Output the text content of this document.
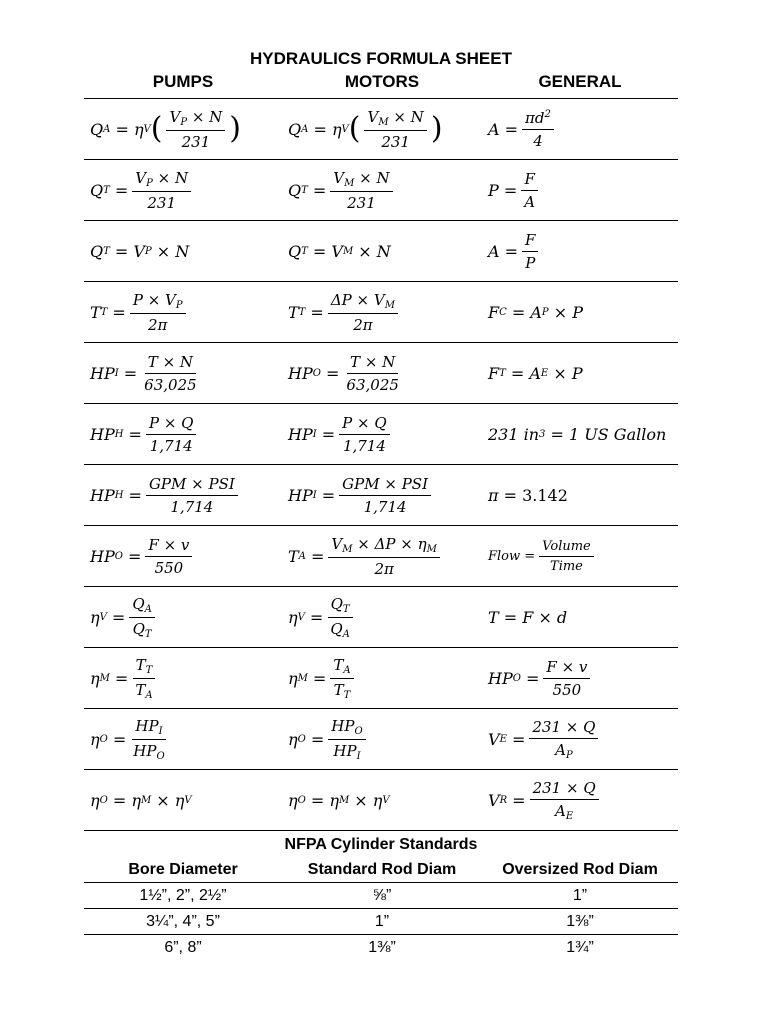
HYDRAULICS FORMULA SHEET
PUMPS	MOTORS	GENERAL
Q A = η V ( $\frac{V_P \times N}{231}$ )	Q A = η V ( $\frac{V_M \times N}{231}$ )	$A = \frac{\pi d^2}{4}$
Q $T = \frac{V_P \times N}{231}$	Q $T = \frac{V_M \times N}{231}$	$P = \frac{F}{A}$
Q T = V P × N	Q T = V M × N	$A = \frac{F}{P}$
T $T = \frac{P \times V_P}{2\pi}$	T $T = \frac{\Delta P \times V_M}{2\pi}$	F C = A P × P
HP $I = \frac{T \times N}{63,025}$	HP $O = \frac{T \times N}{63,025}$	F T = A E × P
HP $H = \frac{P \times Q}{1,714}$	HP $I = \frac{P \times Q}{1,714}$	231 in 3 = 1 US Gallon
HP $H = \frac{\text{GPM × PSI}}{1,714}$	HP $I = \frac{\text{GPM × PSI}}{1,714}$	π = 3.142
HP $O = \frac{F \times v}{550}$	T $A = \frac{V_M \times \Delta P \times \eta_M}{2\pi}$	Flow = $\frac{\text{Volume}}{\text{Time}}$
η $V = \frac{Q_A}{Q_T}$	η $V = \frac{Q_T}{Q_A}$	T = F × d
η $M = \frac{T_T}{T_A}$	η $M = \frac{T_A}{T_T}$	HP $O = \frac{F \times v}{550}$
η $O = \frac{HP_I}{HP_O}$	η $O = \frac{HP_O}{HP_I}$	V $E = \frac{231 \times Q}{A_P}$
η O = η M × η V	η O = η M × η V	V $R = \frac{231 \times Q}{A_E}$
NFPA Cylinder Standards
Bore Diameter	Standard Rod Diam	Oversized Rod Diam
1½”, 2”, 2½”	⅝”	1”
3¼”, 4”, 5”	1”	1⅜”
6”, 8”	1⅜”	1¾”
